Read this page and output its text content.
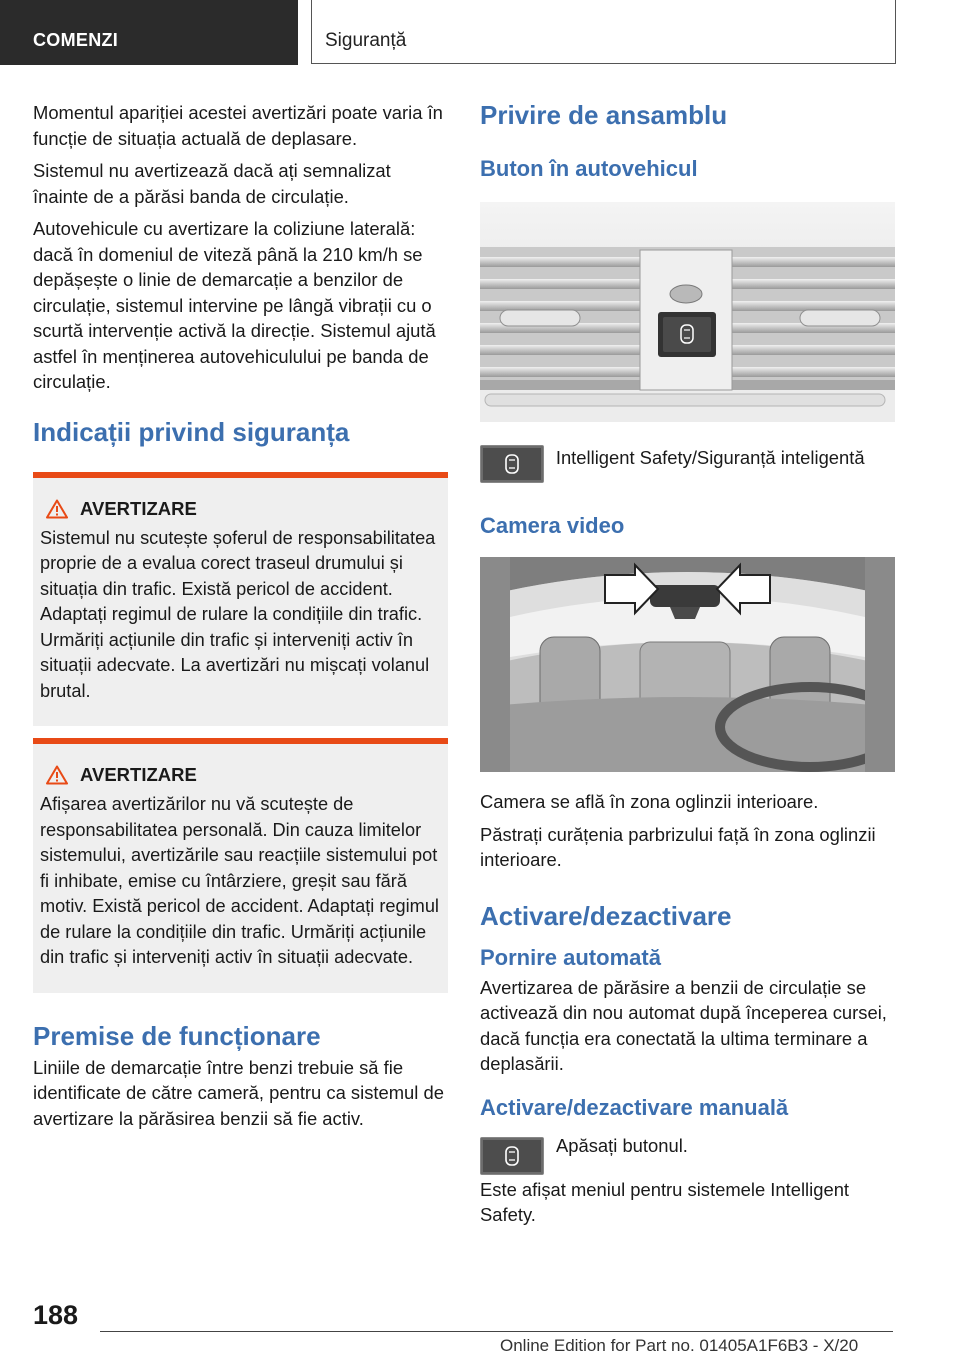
COMENZI	Siguranță

Momentul apariției acestei avertizări poate varia în funcție de situația actuală de deplasare.

Sistemul nu avertizează dacă ați semnalizat înainte de a părăsi banda de circulație.

Autovehicule cu avertizare la coliziune laterală: dacă în domeniul de viteză până la 210 km/h se depășește o linie de demarcație a benzilor de circulație, sistemul intervine pe lângă vibrații cu o scurtă intervenție activă la direcție. Sistemul ajută astfel în menținerea autovehiculului pe banda de circulație.

Indicații privind siguranța
AVERTIZARE

Sistemul nu scutește șoferul de responsabilitatea proprie de a evalua corect traseul drumului și situația din trafic. Există pericol de accident. Adaptați regimul de rulare la condițiile din trafic. Urmăriți acțiunile din trafic și interveniți activ în situații adecvate. La avertizări nu mișcați volanul brutal.

AVERTIZARE

Afișarea avertizărilor nu vă scutește de responsabilitatea personală. Din cauza limitelor sistemului, avertizările sau reacțiile sistemului pot fi inhibate, emise cu întârziere, greșit sau fără motiv. Există pericol de accident. Adaptați regimul de rulare la condițiile din trafic. Urmăriți acțiunile din trafic și interveniți activ în situații adecvate.

Premise de funcționare

Liniile de demarcație între benzi trebuie să fie identificate de către cameră, pentru ca sistemul de avertizare la părăsirea benzii să fie activ.

Privire de ansamblu
Buton în autovehicul

Intelligent Safety/Siguranță inteligentă

Camera video

Camera se află în zona oglinzii interioare.

Păstrați curățenia parbrizului față în zona oglinzii interioare.

Activare/dezactivare
Pornire automată

Avertizarea de părăsire a benzii de circulație se activează din nou automat după începerea cursei, dacă funcția era conectată la ultima terminare a deplasării.

Activare/dezactivare manuală

Apăsați butonul.

Este afișat meniul pentru sistemele Intelligent Safety.

188
Online Edition for Part no. 01405A1F6B3 - X/20
